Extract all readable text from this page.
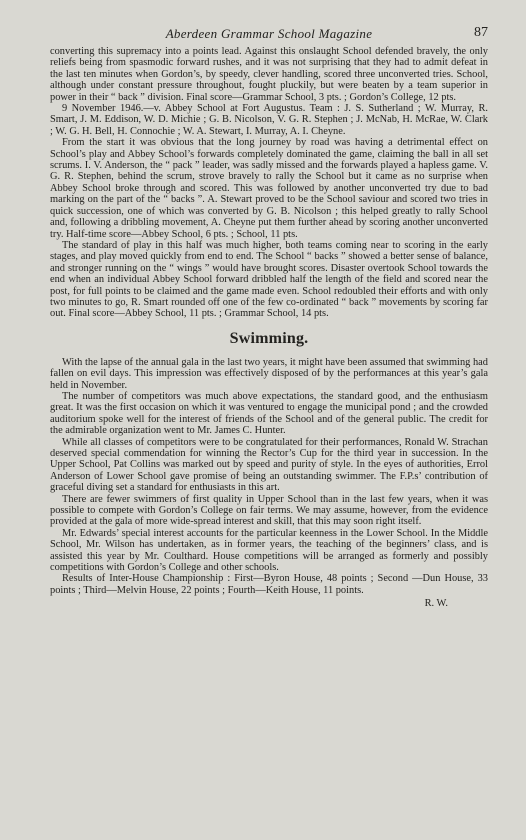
Aberdeen Grammar School Magazine	87

converting this supremacy into a points lead. Against this onslaught School defended bravely, the only reliefs being from spasmodic forward rushes, and it was not surprising that they had to admit defeat in the last ten minutes when Gordon’s, by speedy, clever handling, scored three unconverted tries. School, although under constant pressure throughout, fought pluckily, but were beaten by a team superior in power in their “ back ” division. Final score—Grammar School, 3 pts. ; Gordon’s College, 12 pts.

9 November 1946.—v. Abbey School at Fort Augustus. Team : J. S. Sutherland ; W. Murray, R. Smart, J. M. Eddison, W. D. Michie ; G. B. Nicolson, V. G. R. Stephen ; J. McNab, H. McRae, W. Clark ; W. G. H. Bell, H. Connochie ; W. A. Stewart, I. Murray, A. I. Cheyne.

From the start it was obvious that the long journey by road was having a detrimental effect on School’s play and Abbey School’s forwards completely dominated the game, claiming the ball in all set scrums. I. V. Anderson, the “ pack ” leader, was sadly missed and the forwards played a hapless game. V. G. R. Stephen, behind the scrum, strove bravely to rally the School but it came as no surprise when Abbey School broke through and scored. This was followed by another unconverted try due to bad marking on the part of the “ backs ”. A. Stewart proved to be the School saviour and scored two tries in quick succession, one of which was converted by G. B. Nicolson ; this helped greatly to rally School and, following a dribbling movement, A. Cheyne put them further ahead by scoring another unconverted try. Half-time score—Abbey School, 6 pts. ; School, 11 pts.

The standard of play in this half was much higher, both teams coming near to scoring in the early stages, and play moved quickly from end to end. The School “ backs ” showed a better sense of balance, and stronger running on the “ wings ” would have brought scores. Disaster overtook School towards the end when an individual Abbey School forward dribbled half the length of the field and scored near the post, for full points to be claimed and the game made even. School redoubled their efforts and with only two minutes to go, R. Smart rounded off one of the few co-ordinated “ back ” movements by scoring far out. Final score—Abbey School, 11 pts. ; Grammar School, 14 pts.

Swimming.

With the lapse of the annual gala in the last two years, it might have been assumed that swimming had fallen on evil days. This impression was effectively disposed of by the performances at this year’s gala held in November.

The number of competitors was much above expectations, the standard good, and the enthusiasm great. It was the first occasion on which it was ventured to engage the municipal pond ; and the crowded auditorium spoke well for the interest of friends of the School and of the general public. The credit for the admirable organization went to Mr. James C. Hunter.

While all classes of competitors were to be congratulated for their performances, Ronald W. Strachan deserved special commendation for winning the Rector’s Cup for the third year in succession. In the Upper School, Pat Collins was marked out by speed and purity of style. In the eyes of authorities, Errol Anderson of Lower School gave promise of being an outstanding swimmer. The F.P.s’ contribution of graceful diving set a standard for enthusiasts in this art.

There are fewer swimmers of first quality in Upper School than in the last few years, when it was possible to compete with Gordon’s College on fair terms. We may assume, however, from the evidence provided at the gala of more wide-spread interest and skill, that this may soon right itself.

Mr. Edwards’ special interest accounts for the particular keenness in the Lower School. In the Middle School, Mr. Wilson has undertaken, as in former years, the teaching of the beginners’ class, and is assisted this year by Mr. Coulthard. House competitions will be arranged as formerly and possibly competitions with Gordon’s College and other schools.

Results of Inter-House Championship : First—Byron House, 48 points ; Second —Dun House, 33 points ; Third—Melvin House, 22 points ; Fourth—Keith House, 11 points.

R. W.
